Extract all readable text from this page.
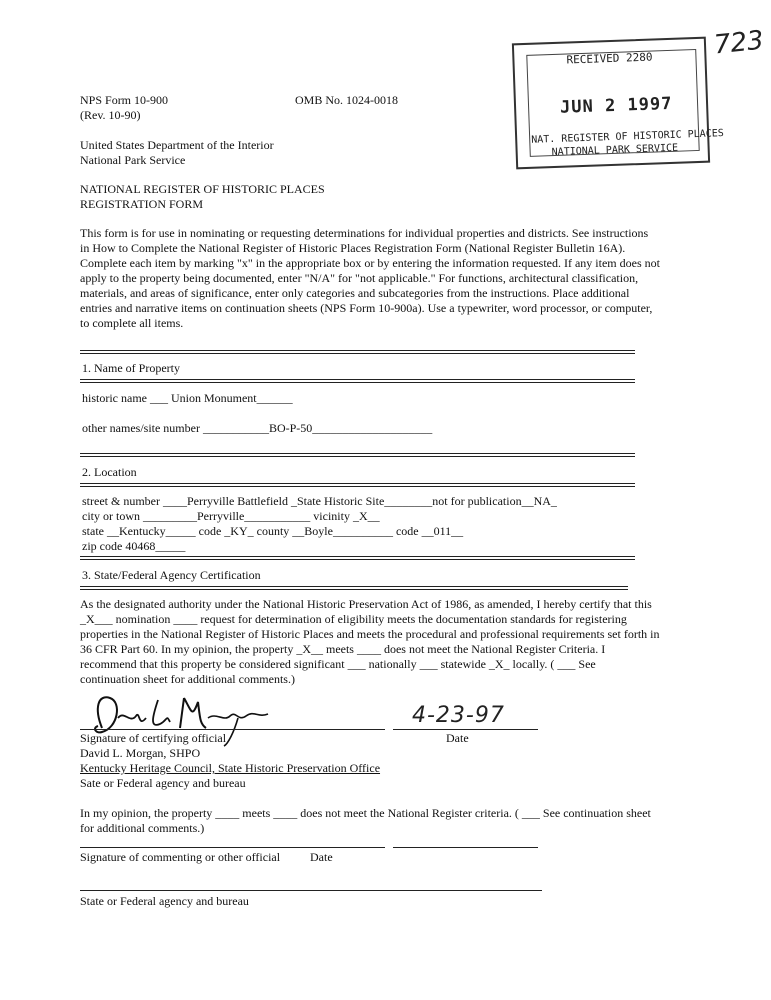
NPS Form 10-900
(Rev. 10-90)
OMB No. 1024-0018
United States Department of the Interior
National Park Service
NATIONAL REGISTER OF HISTORIC PLACES
REGISTRATION FORM
RECEIVED 2280
JUN 2 1997
NAT. REGISTER OF HISTORIC PLACES
NATIONAL PARK SERVICE
723
This form is for use in nominating or requesting determinations for individual properties and districts. See instructions
in How to Complete the National Register of Historic Places Registration Form (National Register Bulletin 16A).
Complete each item by marking "x" in the appropriate box or by entering the information requested. If any item does not
apply to the property being documented, enter "N/A" for "not applicable." For functions, architectural classification,
materials, and areas of significance, enter only categories and subcategories from the instructions. Place additional
entries and narrative items on continuation sheets (NPS Form 10-900a). Use a typewriter, word processor, or computer,
to complete all items.
1. Name of Property
historic name ___ Union Monument______
other names/site number ___________BO-P-50____________________
2. Location
street & number ____Perryville Battlefield _State Historic Site________not for publication__NA_
city or town _________Perryville___________ vicinity _X__
state __Kentucky_____ code _KY_ county __Boyle__________ code __011__
zip code 40468_____
3. State/Federal Agency Certification
As the designated authority under the National Historic Preservation Act of 1986, as amended, I hereby certify that this
_X___ nomination ____ request for determination of eligibility meets the documentation standards for registering
properties in the National Register of Historic Places and meets the procedural and professional requirements set forth in
36 CFR Part 60. In my opinion, the property _X__ meets ____ does not meet the National Register Criteria. I
recommend that this property be considered significant ___ nationally ___ statewide _X_ locally. ( ___ See
continuation sheet for additional comments.)
4-23-97
Signature of certifying official	Date
David L. Morgan, SHPO
Kentucky Heritage Council, State Historic Preservation Office
Sate or Federal agency and bureau
In my opinion, the property ____ meets ____ does not meet the National Register criteria. ( ___ See continuation sheet
for additional comments.)
Signature of commenting or other official Date
State or Federal agency and bureau
